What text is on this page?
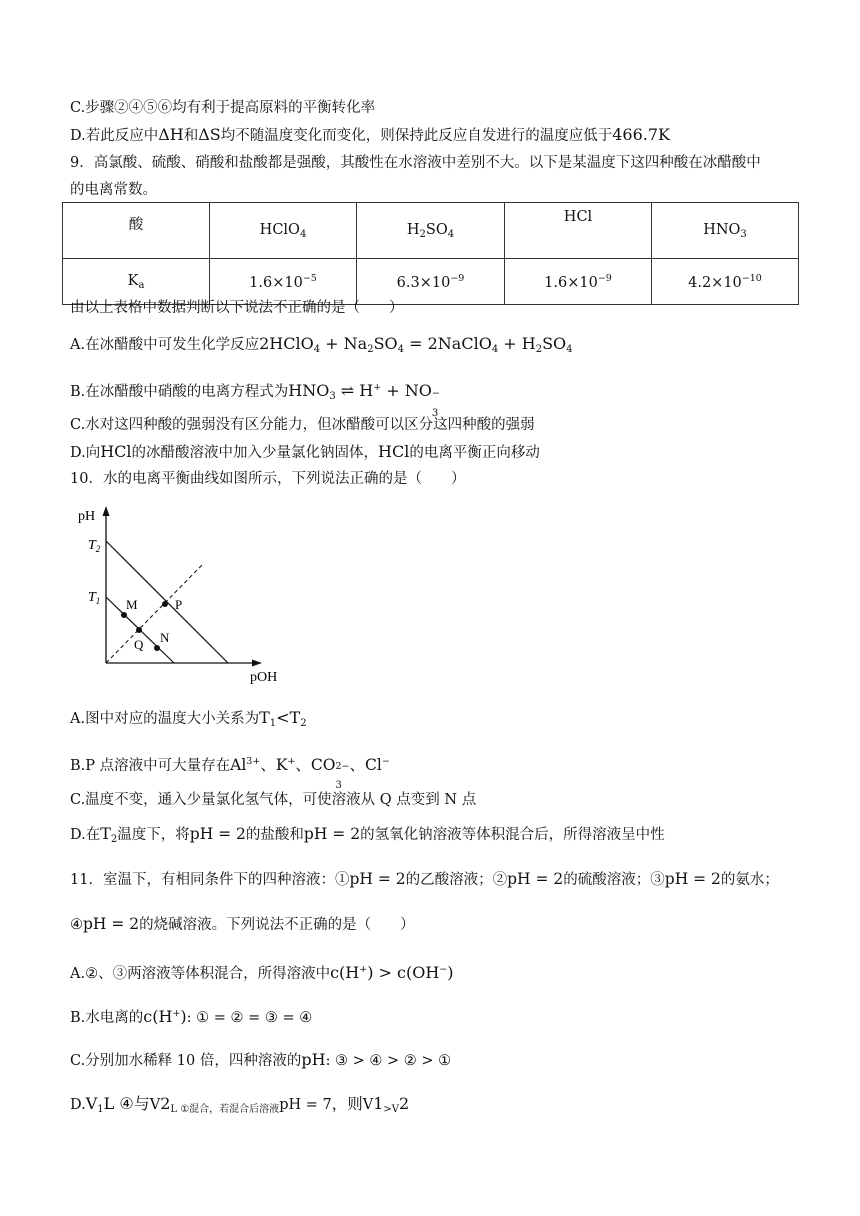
C.步骤②④⑤⑥均有利于提高原料的平衡转化率
D.若此反应中ΔH和ΔS均不随温度变化而变化，则保持此反应自发进行的温度应低于466.7K
9．高氯酸、硫酸、硝酸和盐酸都是强酸，其酸性在水溶液中差别不大。以下是某温度下这四种酸在冰醋酸中
的电离常数。
酸	HClO$_4$	$H_2SO_4$	HCl	$HNO_3$
$K_a$	$1.6\times 10^{-5}$	$6.3\times 10^{-9}$	$1.6\times 10^{-9}$	$4.2\times 10^{-10}$
由以上表格中数据判断以下说法不正确的是（　　）
A.在冰醋酸中可发生化学反应2HClO$_4$ + $Na_2SO_4$ = 2NaClO$_4$ + $H_2SO_4$
B.在冰醋酸中硝酸的电离方程式为$HNO_3$ ⇌ H+ + NO
3
−
C.水对这四种酸的强弱没有区分能力，但冰醋酸可以区分这四种酸的强弱
D.向HCl的冰醋酸溶液中加入少量氯化钠固体，HCl的电离平衡正向移动
10．水的电离平衡曲线如图所示，下列说法正确的是（　　）
pH
pOH
$T_2$
$T_1$ M	P
Q N
A.图中对应的温度大小关系为$T_1<T_2$
B.P 点溶液中可大量存在$Al^{3+}$、K+、CO
3
2− 、Cl−
C.温度不变，通入少量氯化氢气体，可使溶液从 Q 点变到 N 点
D.在$T_2$温度下，将pH = 2的盐酸和pH = 2的氢氧化钠溶液等体积混合后，所得溶液呈中性
11．室温下，有相同条件下的四种溶液：①pH = 2的乙酸溶液；②pH = 2的硫酸溶液；③pH = 2的氨水；
④pH = 2的烧碱溶液。下列说法不正确的是（　　）
A.②、③两溶液等体积混合，所得溶液中c(H+) > c(OH−)
B.水电离的c(H+): ① = ② = ③ = ④
C.分别加水稀释 10 倍，四种溶液的pH: ③ > ④ > ② > ①
$D.V_1L$ ④与$V2_{L ①混合,若混合后溶液}pH = 7$，则$V1_{>V}2$
